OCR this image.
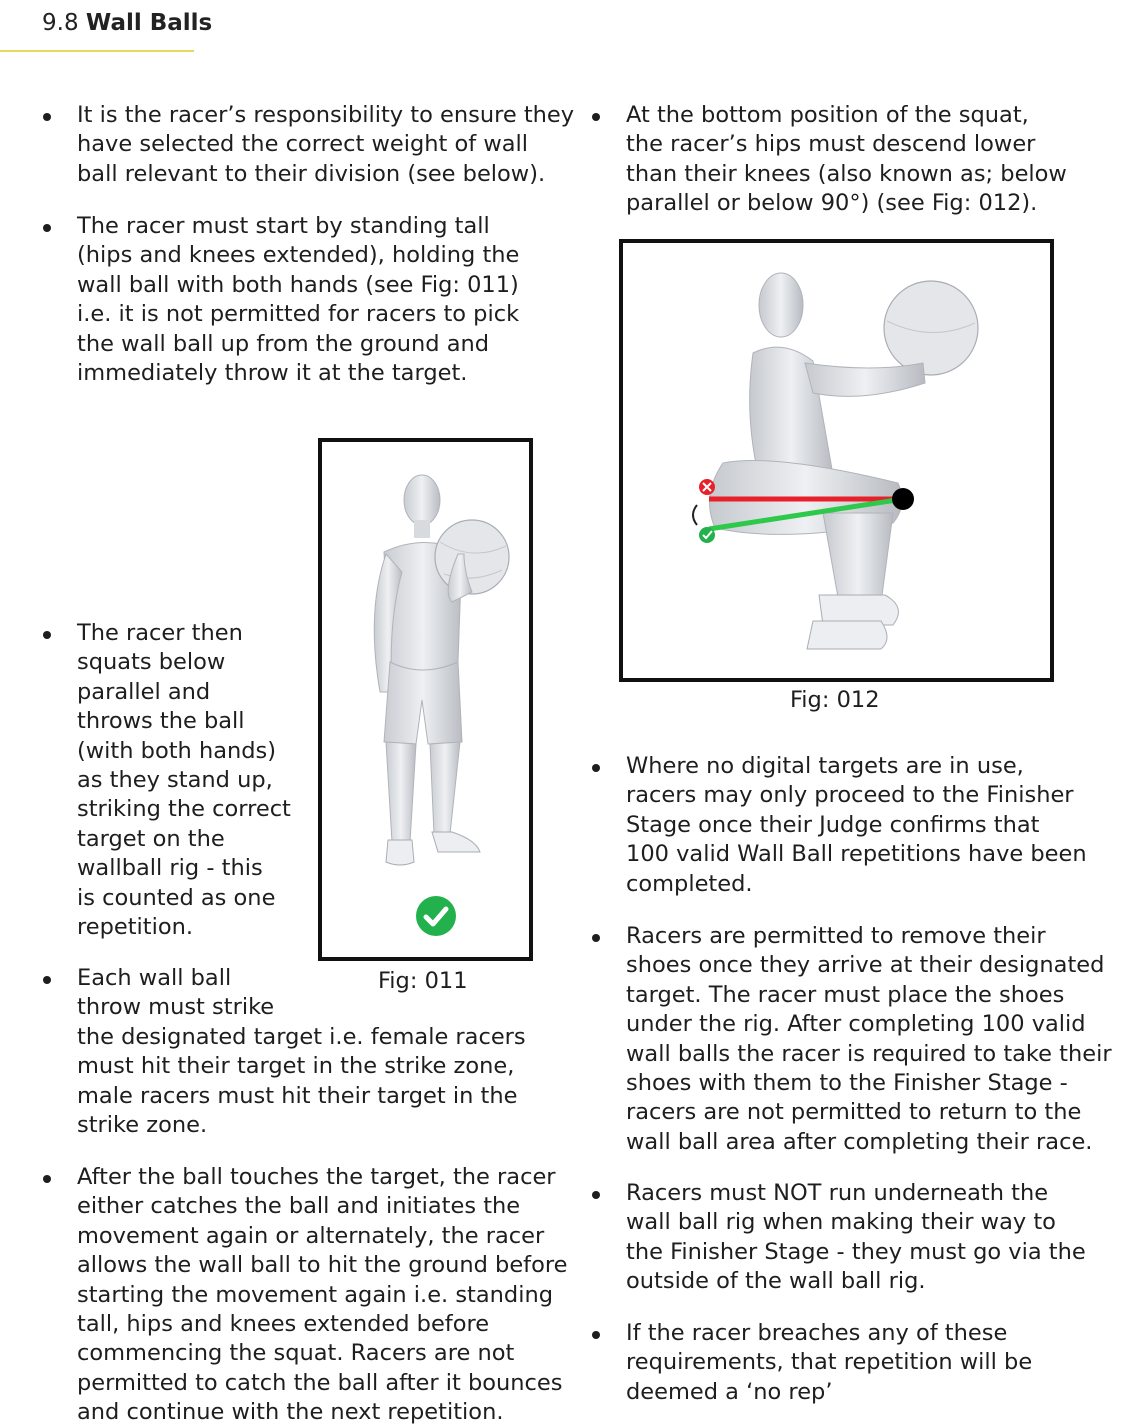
9.8 Wall Balls
It is the racer’s responsibility to ensure they
have selected the correct weight of wall
ball relevant to their division (see below).
The racer must start by standing tall
(hips and knees extended), holding the
wall ball with both hands (see Fig: 011)
i.e. it is not permitted for racers to pick
the wall ball up from the ground and
immediately throw it at the target.
The racer then
squats below
parallel and
throws the ball
(with both hands)
as they stand up,
striking the correct
target on the
wallball rig - this
is counted as one
repetition.
Each wall ball
throw must strike
the designated target i.e. female racers
must hit their target in the strike zone,
male racers must hit their target in the
strike zone.
After the ball touches the target, the racer
either catches the ball and initiates the
movement again or alternately, the racer
allows the wall ball to hit the ground before
starting the movement again i.e. standing
tall, hips and knees extended before
commencing the squat. Racers are not
permitted to catch the ball after it bounces
and continue with the next repetition.
Fig: 011
At the bottom position of the squat,
the racer’s hips must descend lower
than their knees (also known as; below
parallel or below 90°) (see Fig: 012).
Fig: 012
Where no digital targets are in use,
racers may only proceed to the Finisher
Stage once their Judge confirms that
100 valid Wall Ball repetitions have been
completed.
Racers are permitted to remove their
shoes once they arrive at their designated
target. The racer must place the shoes
under the rig. After completing 100 valid
wall balls the racer is required to take their
shoes with them to the Finisher Stage -
racers are not permitted to return to the
wall ball area after completing their race.
Racers must NOT run underneath the
wall ball rig when making their way to
the Finisher Stage - they must go via the
outside of the wall ball rig.
If the racer breaches any of these
requirements, that repetition will be
deemed a ‘no rep’
